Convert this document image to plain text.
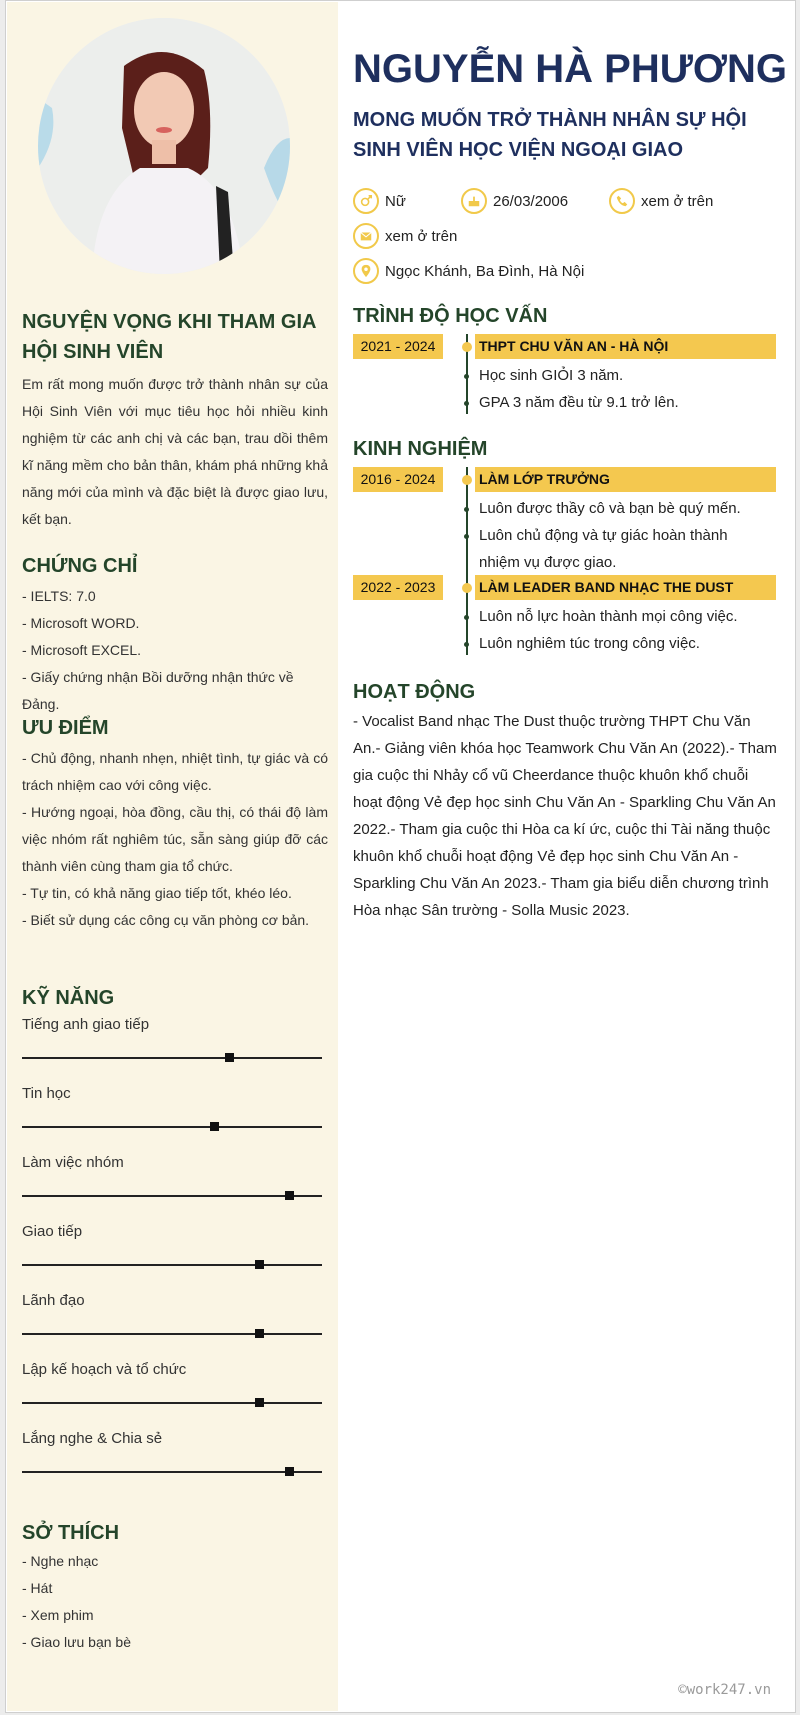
NGUYỆN VỌNG KHI THAM GIA HỘI SINH VIÊN

Em rất mong muốn được trở thành nhân sự của Hội Sinh Viên với mục tiêu học hỏi nhiều kinh nghiệm từ các anh chị và các bạn, trau dồi thêm kĩ năng mềm cho bản thân, khám phá những khả năng mới của mình và đặc biệt là được giao lưu, kết bạn.

CHỨNG CHỈ

- IELTS: 7.0

- Microsoft WORD.

- Microsoft EXCEL.

- Giấy chứng nhận Bồi dưỡng nhận thức về Đảng.

ƯU ĐIỂM

- Chủ động, nhanh nhẹn, nhiệt tình, tự giác và có trách nhiệm cao với công việc.

- Hướng ngoại, hòa đồng, cầu thị, có thái độ làm việc nhóm rất nghiêm túc, sẵn sàng giúp đỡ các thành viên cùng tham gia tổ chức.

- Tự tin, có khả năng giao tiếp tốt, khéo léo.

- Biết sử dụng các công cụ văn phòng cơ bản.

KỸ NĂNG
Tiếng anh giao tiếp
Tin học
Làm việc nhóm
Giao tiếp
Lãnh đạo
Lập kế hoạch và tổ chức
Lắng nghe & Chia sẻ
SỞ THÍCH

- Nghe nhạc

- Hát

- Xem phim

- Giao lưu bạn bè

NGUYỄN HÀ PHƯƠNG
MONG MUỐN TRỞ THÀNH NHÂN SỰ HỘI SINH VIÊN HỌC VIỆN NGOẠI GIAO
Nữ	26/03/2006	xem ở trên
xem ở trên
Ngọc Khánh, Ba Đình, Hà Nội
TRÌNH ĐỘ HỌC VẤN
2021 - 2024	THPT CHU VĂN AN - HÀ NỘI
Học sinh GIỎI 3 năm.
GPA 3 năm đều từ 9.1 trở lên.
KINH NGHIỆM
2016 - 2024	LÀM LỚP TRƯỞNG
Luôn được thầy cô và bạn bè quý mến.
Luôn chủ động và tự giác hoàn thành nhiệm vụ được giao.
2022 - 2023	LÀM LEADER BAND NHẠC THE DUST
Luôn nỗ lực hoàn thành mọi công việc.
Luôn nghiêm túc trong công việc.
HOẠT ĐỘNG

- Vocalist Band nhạc The Dust thuộc trường THPT Chu Văn An.- Giảng viên khóa học Teamwork Chu Văn An (2022).- Tham gia cuộc thi Nhảy cổ vũ Cheerdance thuộc khuôn khổ chuỗi hoạt động Vẻ đẹp học sinh Chu Văn An - Sparkling Chu Văn An 2022.- Tham gia cuộc thi Hòa ca kí ức, cuộc thi Tài năng thuộc khuôn khổ chuỗi hoạt động Vẻ đẹp học sinh Chu Văn An - Sparkling Chu Văn An 2023.- Tham gia biểu diễn chương trình Hòa nhạc Sân trường - Solla Music 2023.

©work247.vn
